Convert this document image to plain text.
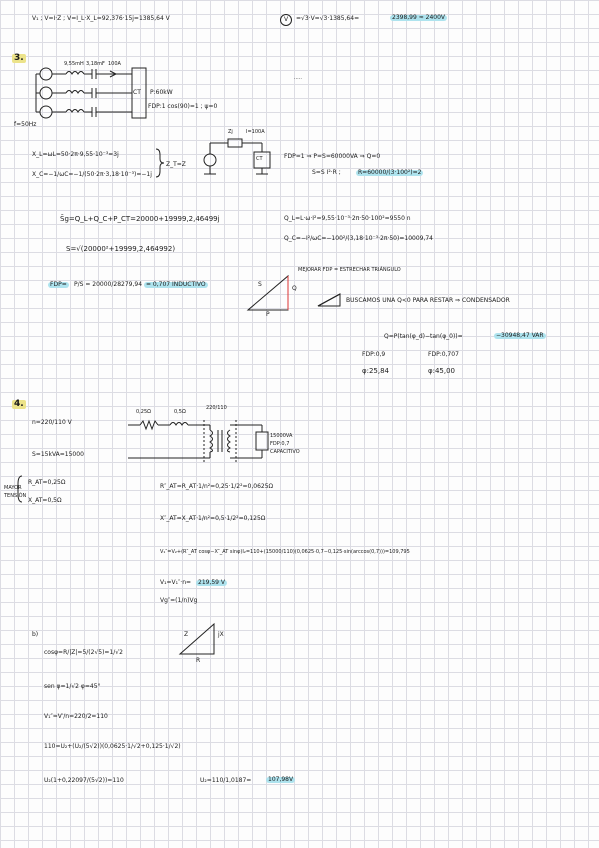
V₁ ; V=I·Z ; V=I_L·X_L=92,376·15j=1385,64 V	V	=√3·V=√3·1385,64=	2398,99 ≈ 2400V
3.
9,55mH 3,18mF 100A
CT P:60kW
FDP:1 cos(90)=1 ; ψ=0
.....
f=50Hz
X_L=ωL=50·2π·9,55·10⁻³=3j
X_C=−1/ωC=−1/(50·2π·3,18·10⁻³)=−1j
Z_T=Z
Zj	I=100A
CT	FDP=1 ⇒ P=S=60000VA ⇒ Q=0
S=S I²·R ;	R=60000/(3·100²)=2
S̄g=Q_L+Q_C+P_CT=20000+19999,2,46499j
S=√(20000²+19999,2,464992)
Q_L=L·ω·I²=9,55·10⁻³·2π·50·100²=9550 n
Q_C=−I²/ωC=−100²/(3,18·10⁻³·2π·50)=10009,74
FDP=	P/S = 20000/28279,94 = 0,707 INDUCTIVO
MEJORAR FDP = ESTRECHAR TRIÁNGULO
S
Q
P
BUSCAMOS UNA Q<0 PARA RESTAR ⇒ CONDENSADOR
Q=P(tan(φ_d)−tan(φ_0))=	−30948,47 VAR
FDP:0,9	FDP:0,707
φ:25,84	φ:45,00
4.
n=220/110 V
0,25Ω	0,5Ω
220/110
15000VA
FDP:0,7
CAPACITIVO
S=15kVA=15000
R_AT=0,25Ω
X_AT=0,5Ω
MAYOR
TENSIÓN
R″_AT=R_AT·1/n²=0,25·1/2²=0,0625Ω
X″_AT=X_AT·1/n²=0,5·1/2²=0,125Ω
V₁″=V₂+(R″_AT cosφ−X″_AT sinφ)I₂=110+(15000/110)(0,0625·0,7−0,125·sin(arccos(0,7)))=109,795
V₁=V₁″·n=	219,59 V
Vg″=(1/n)Vg
b)	Z	jX
R
cosφ=R/|Z|=5/(2√5)=1/√2
sen φ=1/√2 φ=45°
V₁″=V′/n=220/2=110
110=U₂+(U₂/(5√2))(0,0625·1/√2+0,125·1/√2)
U₂(1+0,22097/(5√2))=110	U₂=110/1,0187=	107,98V
